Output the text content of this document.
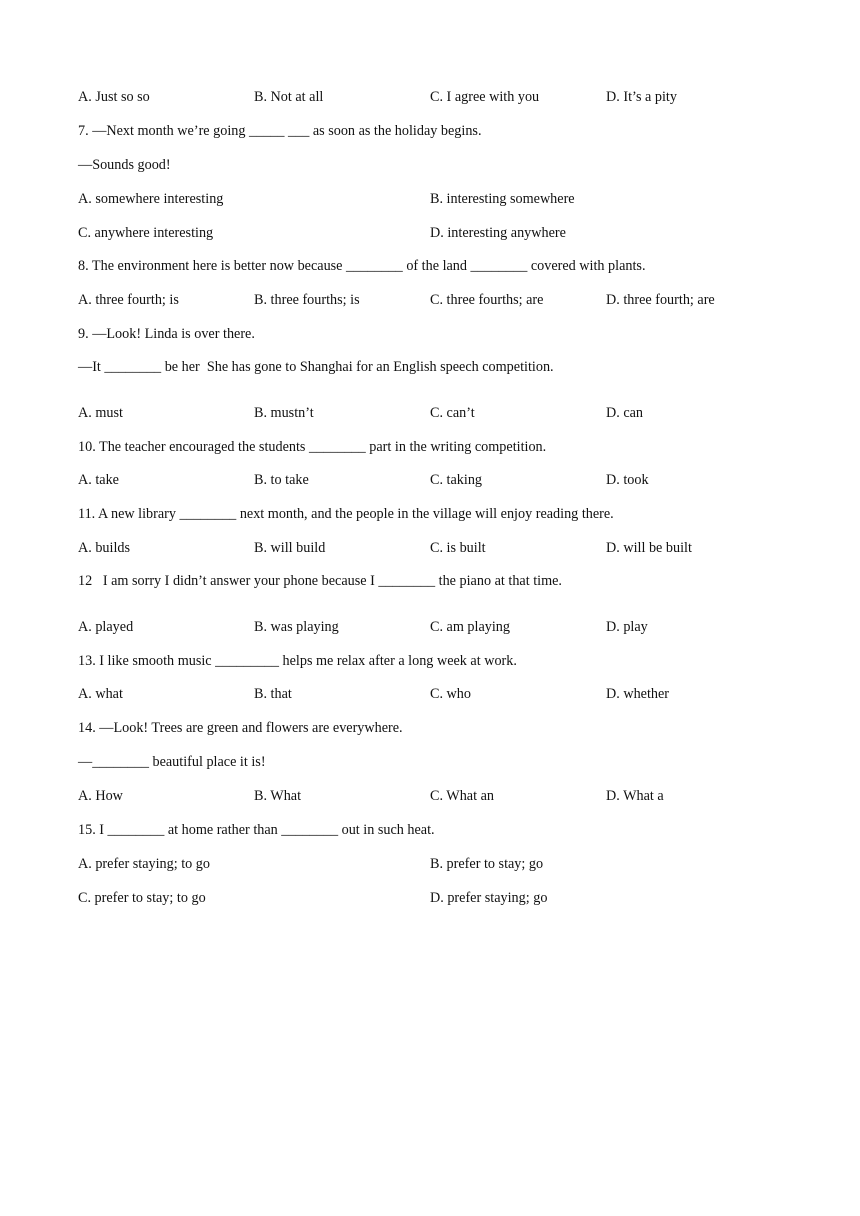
A. Just so so	B. Not at all	C. I agree with you	D. It’s a pity
7. —Next month we’re going _____ ___ as soon as the holiday begins.
—Sounds good!
A. somewhere interesting	B. interesting somewhere
C. anywhere interesting	D. interesting anywhere
8. The environment here is better now because ________ of the land ________ covered with plants.
A. three fourth; is	B. three fourths; is	C. three fourths; are	D. three fourth; are
9. —Look! Linda is over there.
—It ________ be her  She has gone to Shanghai for an English speech competition.
A. must	B. mustn’t	C. can’t	D. can
10. The teacher encouraged the students ________ part in the writing competition.
A. take	B. to take	C. taking	D. took
11. A new library ________ next month, and the people in the village will enjoy reading there.
A. builds	B. will build	C. is built	D. will be built
12   I am sorry I didn’t answer your phone because I ________ the piano at that time.
A. played	B. was playing	C. am playing	D. play
13. I like smooth music _________ helps me relax after a long week at work.
A. what	B. that	C. who	D. whether
14. —Look! Trees are green and flowers are everywhere.
—________ beautiful place it is!
A. How	B. What	C. What an	D. What a
15. I ________ at home rather than ________ out in such heat.
A. prefer staying; to go	B. prefer to stay; go
C. prefer to stay; to go	D. prefer staying; go
